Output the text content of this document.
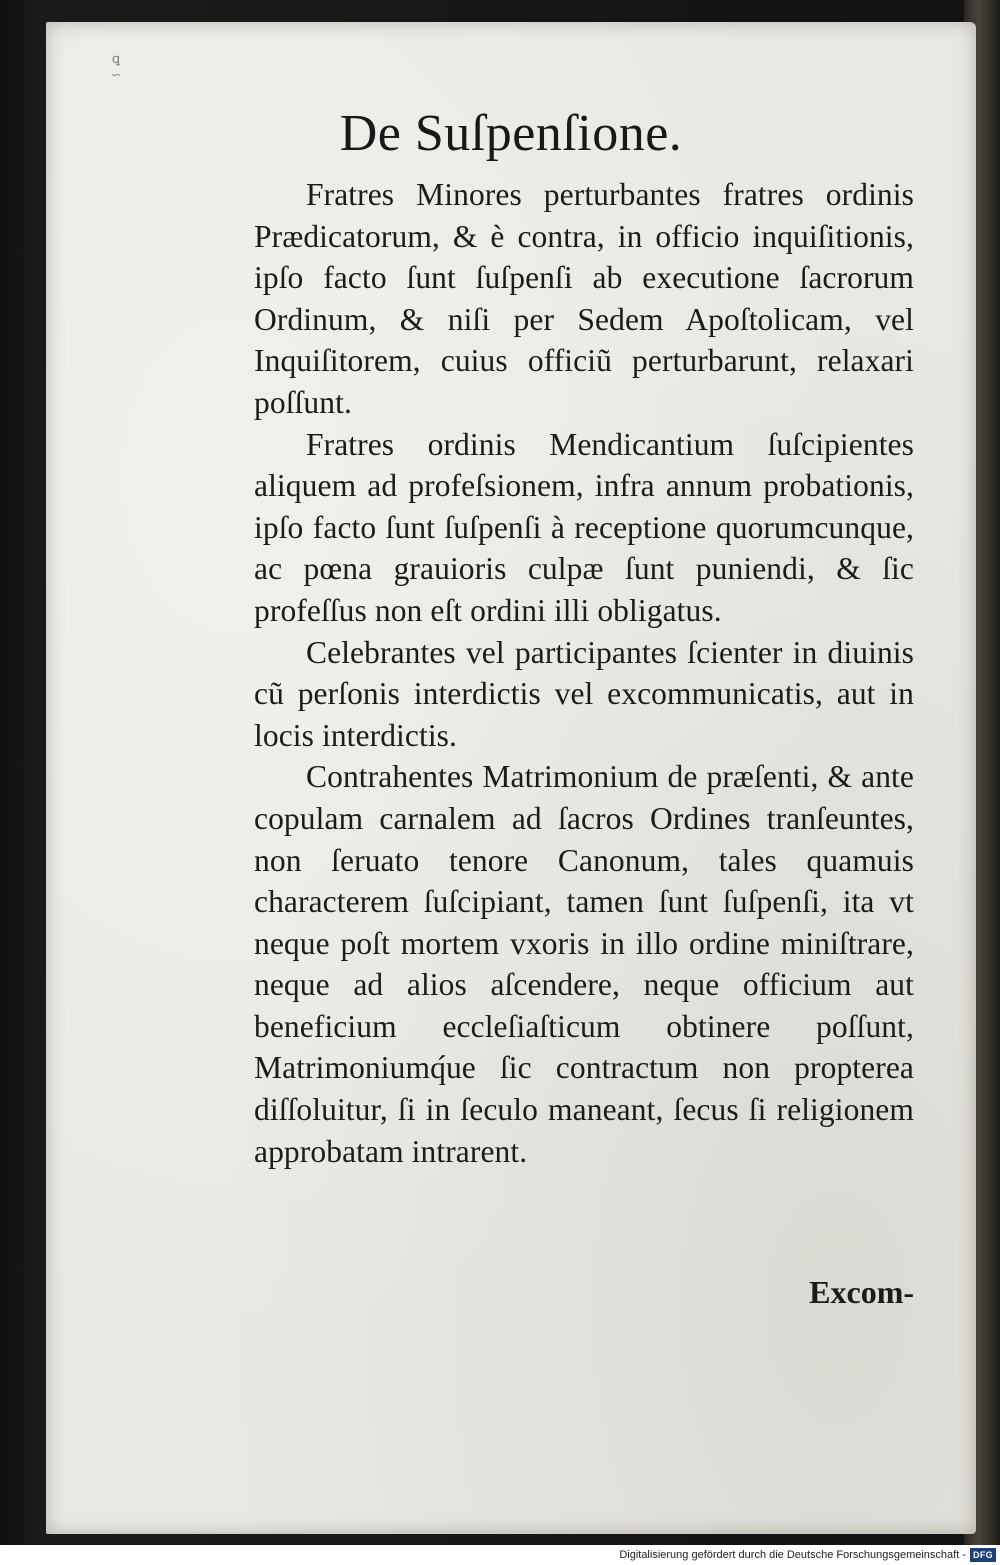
ꝗ
∽
De Suſpenſione.

Fratres Minores perturbantes fratres ordinis Prædicatorum, & è contra, in officio inquiſitionis, ipſo facto ſunt ſuſpenſi ab executione ſacrorum Ordinum, & niſi per Sedem Apoſtolicam, vel Inquiſitorem, cuius officiũ perturbarunt, relaxari poſſunt.

Fratres ordinis Mendicantium ſuſcipientes aliquem ad profeſsionem, infra annum probationis, ipſo facto ſunt ſuſpenſi à receptione quorumcunque, ac pœna grauioris culpæ ſunt puniendi, & ſic profeſſus non eſt ordini illi obligatus.

Celebrantes vel participantes ſcienter in diuinis cũ perſonis interdictis vel excommunicatis, aut in locis interdictis.

Contrahentes Matrimonium de præſenti, & ante copulam carnalem ad ſacros Ordines tranſeuntes, non ſeruato tenore Canonum, tales quamuis characterem ſuſcipiant, tamen ſunt ſuſpenſi, ita vt neque poſt mortem vxoris in illo ordine miniſtrare, neque ad alios aſcendere, neque officium aut beneficium eccleſiaſticum obtinere poſſunt, Matrimoniumq́ue ſic contractum non propterea diſſoluitur, ſi in ſeculo maneant, ſecus ſi religionem approbatam intrarent.

Excom-
Digitalisierung gefördert durch die Deutsche Forschungsgemeinschaft - DFG
